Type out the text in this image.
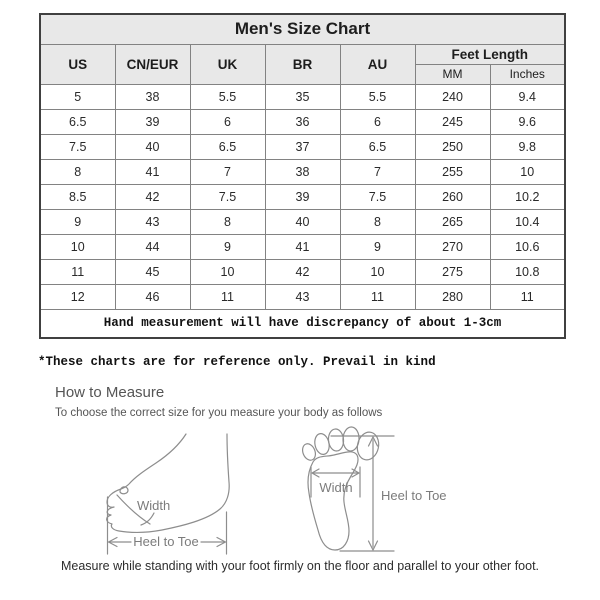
Men's Size Chart						
US	CN/EUR	UK	BR	AU	Feet Length	
					MM	Inches
5	38	5.5	35	5.5	240	9.4
6.5	39	6	36	6	245	9.6
7.5	40	6.5	37	6.5	250	9.8
8	41	7	38	7	255	10
8.5	42	7.5	39	7.5	260	10.2
9	43	8	40	8	265	10.4
10	44	9	41	9	270	10.6
11	45	10	42	10	275	10.8
12	46	11	43	11	280	11
Hand measurement will have discrepancy of about 1-3cm						

*These charts are for reference only. Prevail in kind

How to Measure

To choose the correct size for you measure your body as follows

Width
Heel to Toe
Width
Heel to Toe

Measure while standing with your foot firmly on the floor and parallel to your other foot.
